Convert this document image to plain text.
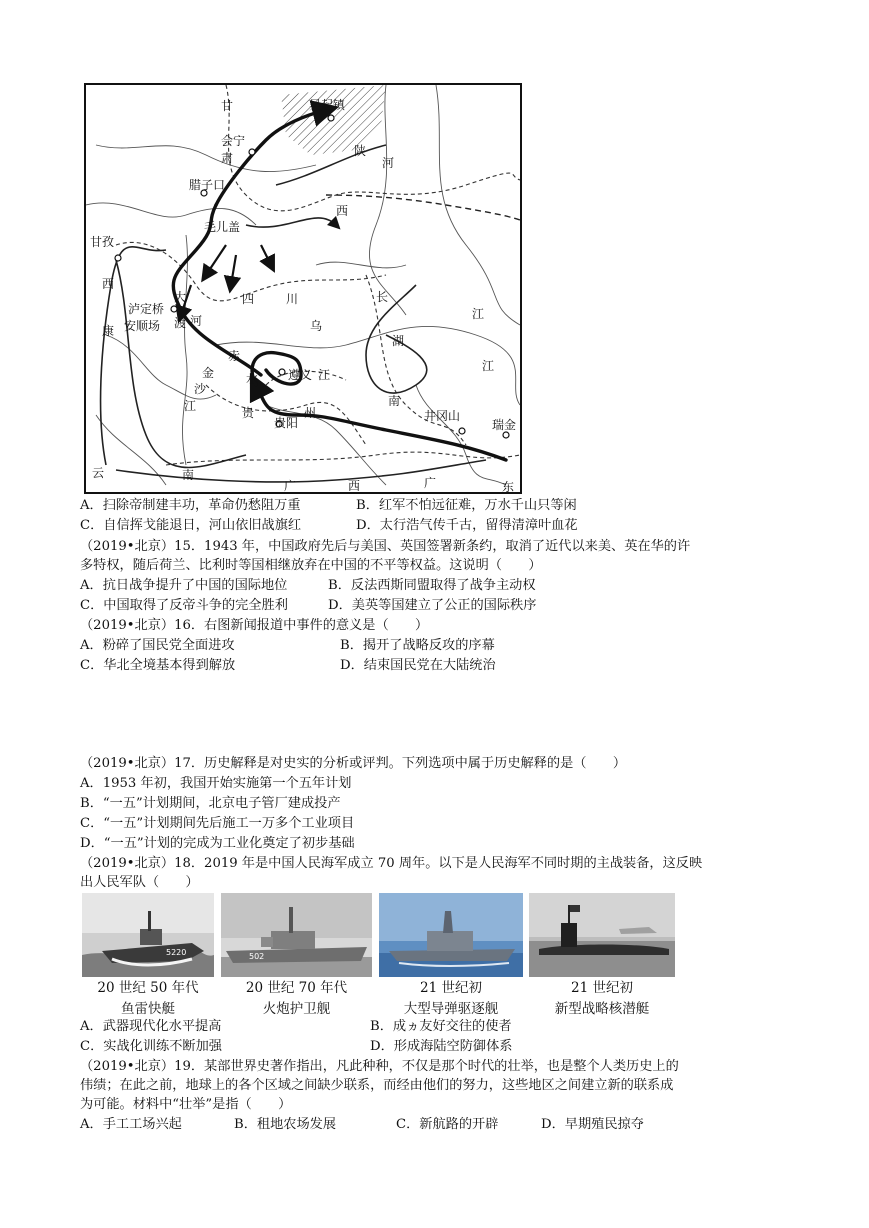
甘	吴起镇
会宁
肃	陕
河
腊子口
西
毛儿盖
甘孜
西
康
泸定桥
安顺场
大
渡 河
四	川	长
江
乌
湖
江
赤
水 遵义 江
金
沙
江	南
井冈山
瑞金
贵	州
贵阳
云	南
广	西	广	东
A．扫除帝制建丰功，革命仍愁阻万重	B．红军不怕远征难，万水千山只等闲
C．自信挥戈能退日，河山依旧战旗红	D．太行浩气传千古，留得清漳叶血花
（2019•北京）15．1943 年，中国政府先后与美国、英国签署新条约，取消了近代以来美、英在华的许
多特权，随后荷兰、比利时等国相继放弃在中国的不平等权益。这说明（　　）
A．抗日战争提升了中国的国际地位	B．反法西斯同盟取得了战争主动权
C．中国取得了反帝斗争的完全胜利	D．美英等国建立了公正的国际秩序
（2019•北京）16．右图新闻报道中事件的意义是（　　）
A．粉碎了国民党全面进攻	B．揭开了战略反攻的序幕
C．华北全境基本得到解放	D．结束国民党在大陆统治
（2019•北京）17．历史解释是对史实的分析或评判。下列选项中属于历史解释的是（　　）
A．1953 年初，我国开始实施第一个五年计划
B．“一五”计划期间，北京电子管厂建成投产
C．“一五”计划期间先后施工一万多个工业项目
D．“一五”计划的完成为工业化奠定了初步基础
（2019•北京）18．2019 年是中国人民海军成立 70 周年。以下是人民海军不同时期的主战装备，这反映
出人民军队（　　）
5220	502
20 世纪 50 年代
鱼雷快艇
20 世纪 70 年代
火炮护卫舰
21 世纪初
大型导弹驱逐舰
21 世纪初
新型战略核潜艇
A．武器现代化水平提高	B．成ヵ友好交往的使者
C．实战化训练不断加强	D．形成海陆空防御体系
（2019•北京）19．某部世界史著作指出，凡此种种，不仅是那个时代的壮举，也是整个人类历史上的
伟绩；在此之前，地球上的各个区域之间缺少联系，而经由他们的努力，这些地区之间建立新的联系成
为可能。材料中“壮举”是指（　　）
A．手工工场兴起	B．租地农场发展	C．新航路的开辟	D．早期殖民掠夺
